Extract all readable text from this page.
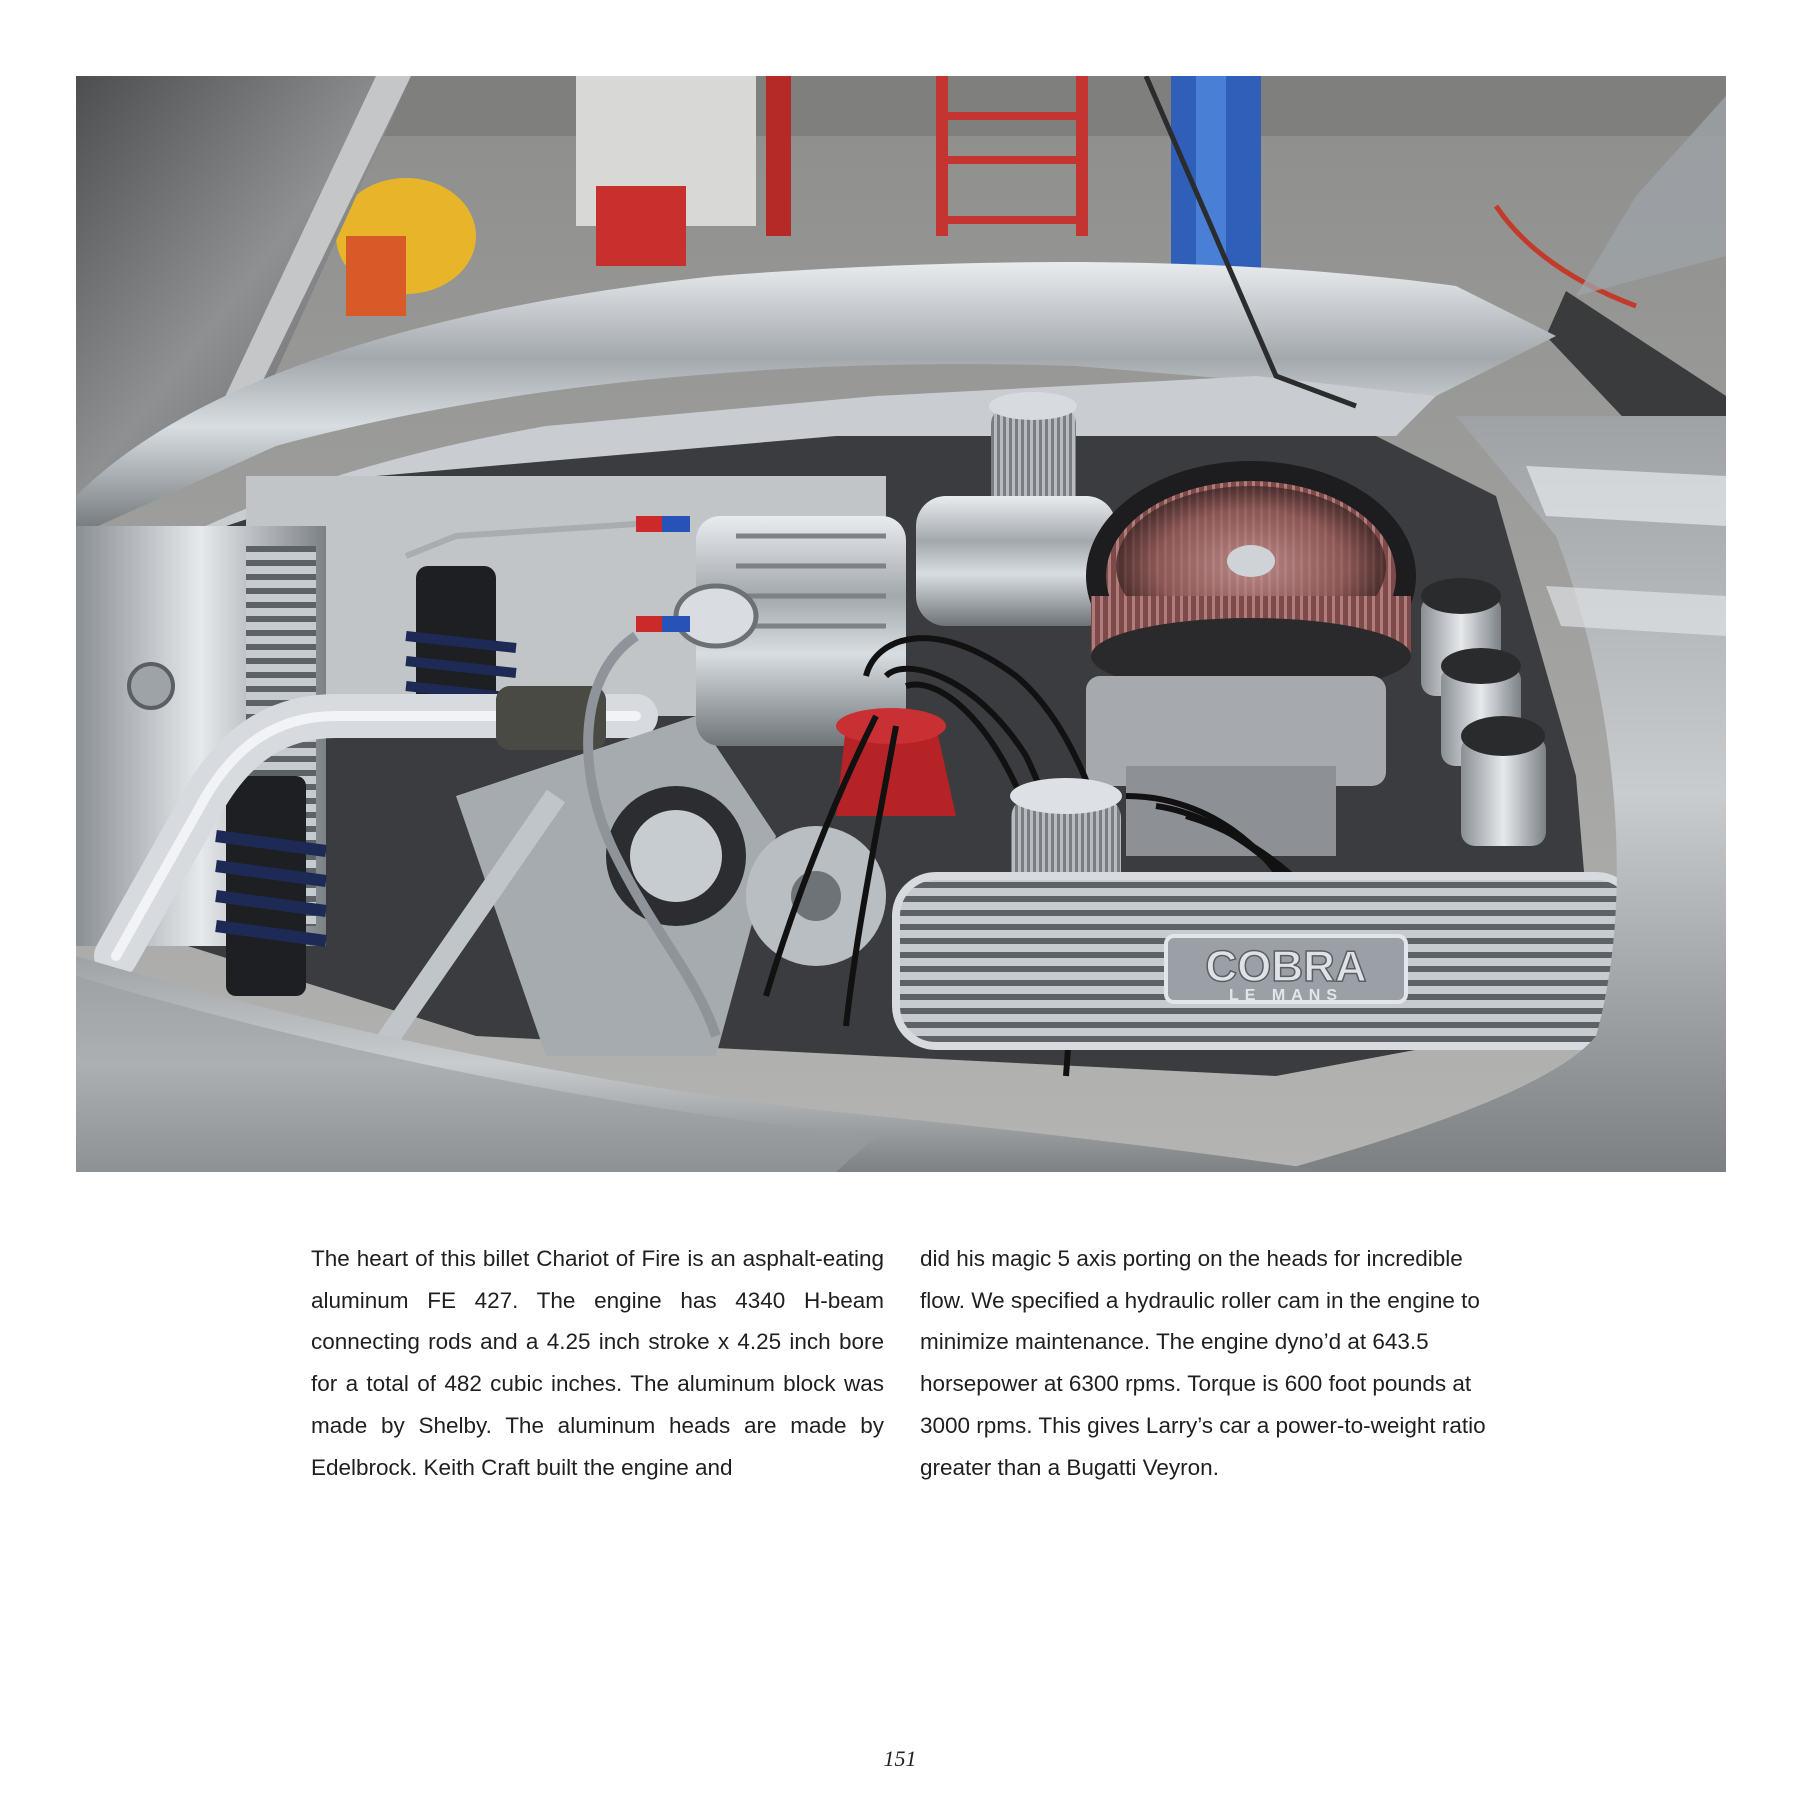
COBRA
LE MANS

The heart of this billet Chariot of Fire is an asphalt-eating aluminum FE 427. The engine has 4340 H-beam connecting rods and a 4.25 inch stroke x 4.25 inch bore for a total of 482 cubic inches. The aluminum block was made by Shelby. The aluminum heads are made by Edelbrock. Keith Craft built the engine and

did his magic 5 axis porting on the heads for incredible flow. We specified a hydraulic roller cam in the engine to minimize maintenance. The engine dyno’d at 643.5 horsepower at 6300 rpms. Torque is 600 foot pounds at 3000 rpms. This gives Larry’s car a power-to-weight ratio greater than a Bugatti Veyron.

151
